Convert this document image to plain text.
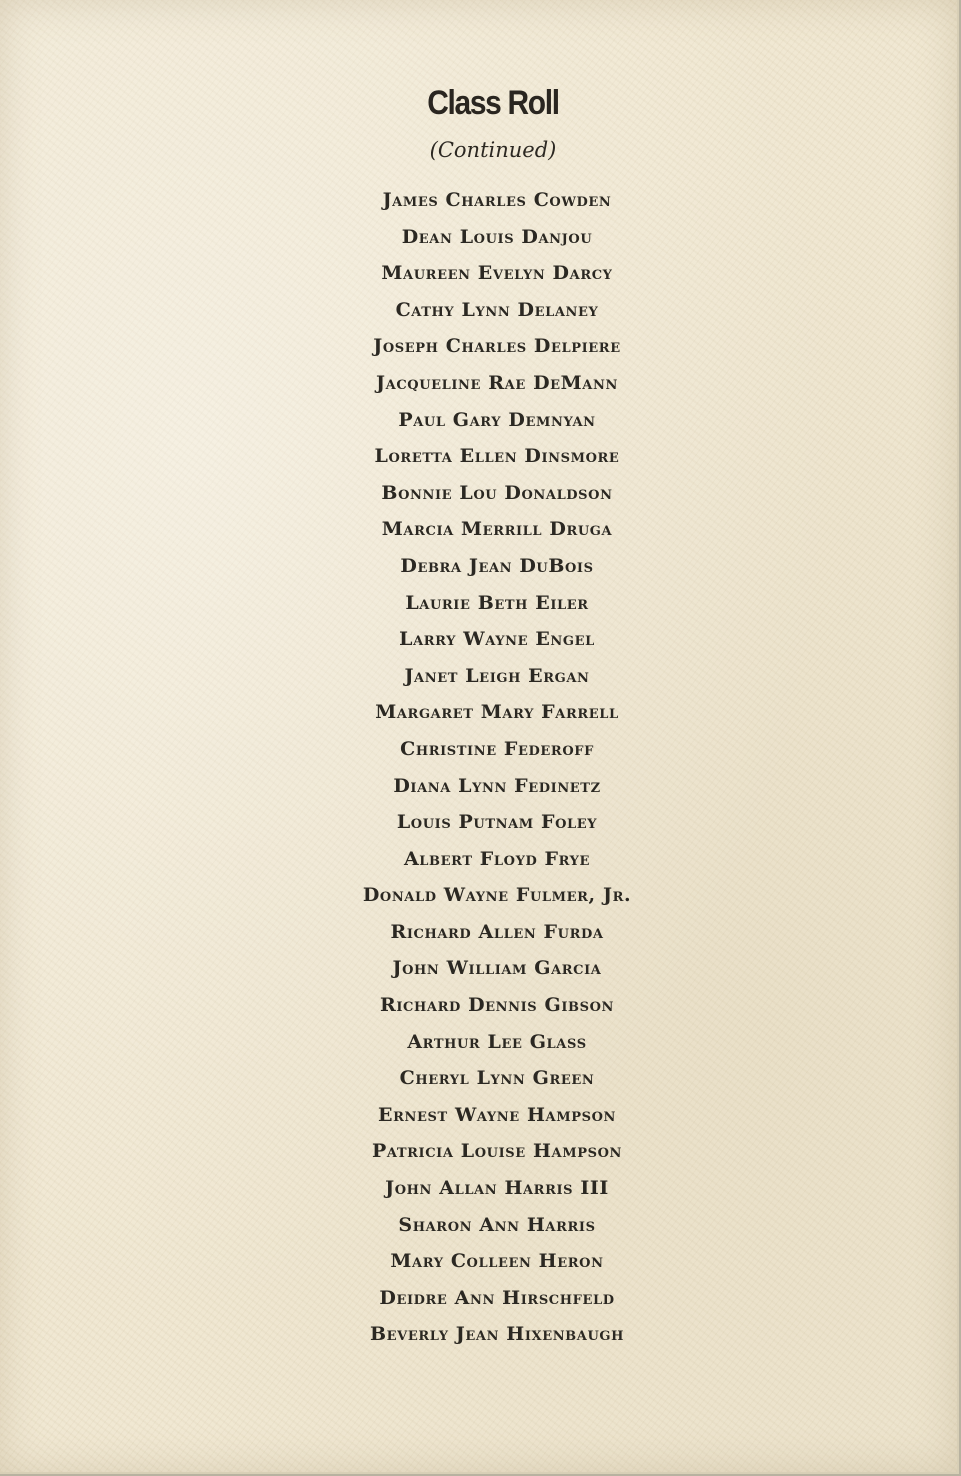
Class Roll
(Continued)
James Charles Cowden
Dean Louis Danjou
Maureen Evelyn Darcy
Cathy Lynn Delaney
Joseph Charles Delpiere
Jacqueline Rae DeMann
Paul Gary Demnyan
Loretta Ellen Dinsmore
Bonnie Lou Donaldson
Marcia Merrill Druga
Debra Jean DuBois
Laurie Beth Eiler
Larry Wayne Engel
Janet Leigh Ergan
Margaret Mary Farrell
Christine Federoff
Diana Lynn Fedinetz
Louis Putnam Foley
Albert Floyd Frye
Donald Wayne Fulmer, Jr.
Richard Allen Furda
John William Garcia
Richard Dennis Gibson
Arthur Lee Glass
Cheryl Lynn Green
Ernest Wayne Hampson
Patricia Louise Hampson
John Allan Harris III
Sharon Ann Harris
Mary Colleen Heron
Deidre Ann Hirschfeld
Beverly Jean Hixenbaugh
